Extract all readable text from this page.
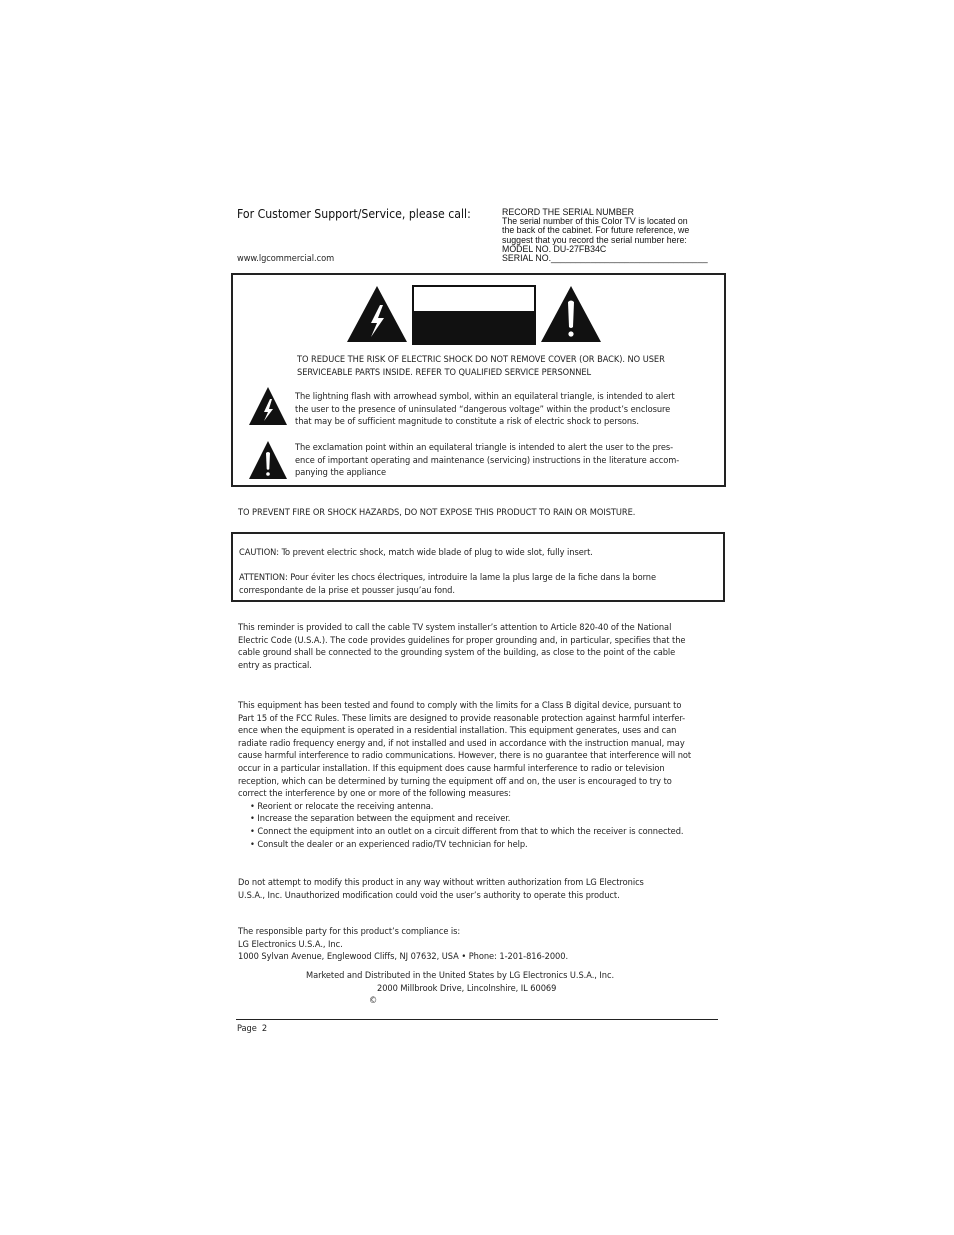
For Customer Support/Service, please call:
www.lgcommercial.com
RECORD THE SERIAL NUMBER
The serial number of this Color TV is located on
the back of the cabinet. For future reference, we
suggest that you record the serial number here:
MODEL NO. DU-27FB34C
SERIAL NO.________________________________
TO REDUCE THE RISK OF ELECTRIC SHOCK DO NOT REMOVE COVER (OR BACK). NO USER
SERVICEABLE PARTS INSIDE. REFER TO QUALIFIED SERVICE PERSONNEL
The lightning flash with arrowhead symbol, within an equilateral triangle, is intended to alert
the user to the presence of uninsulated “dangerous voltage” within the product’s enclosure
that may be of sufficient magnitude to constitute a risk of electric shock to persons.
The exclamation point within an equilateral triangle is intended to alert the user to the pres-
ence of important operating and maintenance (servicing) instructions in the literature accom-
panying the appliance
TO PREVENT FIRE OR SHOCK HAZARDS, DO NOT EXPOSE THIS PRODUCT TO RAIN OR MOISTURE.
CAUTION: To prevent electric shock, match wide blade of plug to wide slot, fully insert.
ATTENTION: Pour éviter les chocs électriques, introduire la lame la plus large de la fiche dans la borne
correspondante de la prise et pousser jusqu’au fond.
This reminder is provided to call the cable TV system installer’s attention to Article 820-40 of the National
Electric Code (U.S.A.). The code provides guidelines for proper grounding and, in particular, specifies that the
cable ground shall be connected to the grounding system of the building, as close to the point of the cable
entry as practical.
This equipment has been tested and found to comply with the limits for a Class B digital device, pursuant to
Part 15 of the FCC Rules. These limits are designed to provide reasonable protection against harmful interfer-
ence when the equipment is operated in a residential installation. This equipment generates, uses and can
radiate radio frequency energy and, if not installed and used in accordance with the instruction manual, may
cause harmful interference to radio communications. However, there is no guarantee that interference will not
occur in a particular installation. If this equipment does cause harmful interference to radio or television
reception, which can be determined by turning the equipment off and on, the user is encouraged to try to
correct the interference by one or more of the following measures:
• Reorient or relocate the receiving antenna.
• Increase the separation between the equipment and receiver.
• Connect the equipment into an outlet on a circuit different from that to which the receiver is connected.
• Consult the dealer or an experienced radio/TV technician for help.
Do not attempt to modify this product in any way without written authorization from LG Electronics
U.S.A., Inc. Unauthorized modification could void the user’s authority to operate this product.
The responsible party for this product’s compliance is:
LG Electronics U.S.A., Inc.
1000 Sylvan Avenue, Englewood Cliffs, NJ 07632, USA • Phone: 1-201-816-2000.
Marketed and Distributed in the United States by LG Electronics U.S.A., Inc.
2000 Millbrook Drive, Lincolnshire, IL 60069
©
Page  2
